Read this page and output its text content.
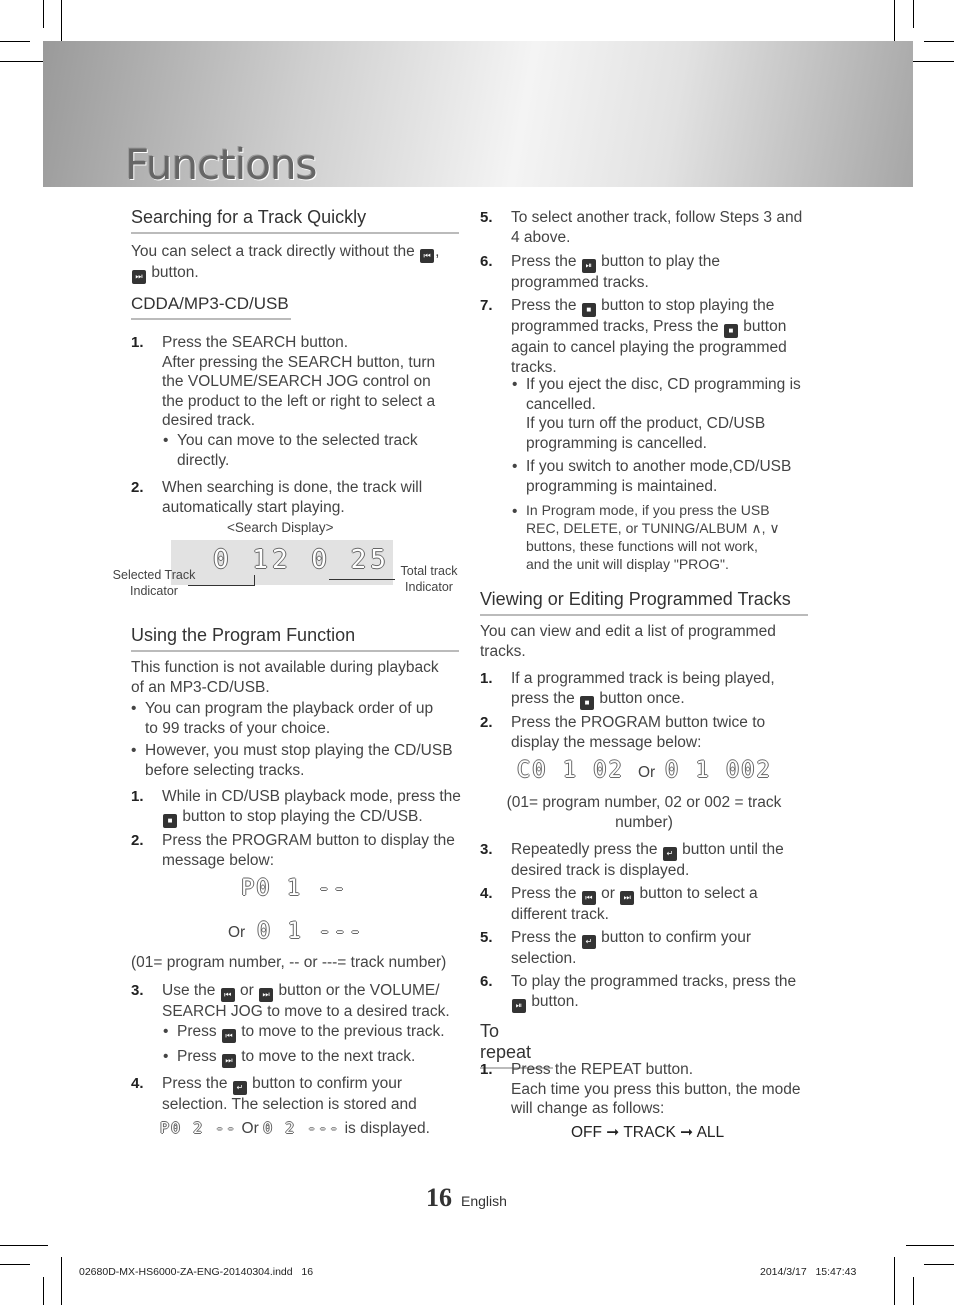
Functions
Searching for a Track Quickly
You can select a track directly without the ⏮ ,
⏭ button.
CDDA/MP3-CD/USB
1. Press the SEARCH button.
After pressing the SEARCH button, turn
the VOLUME/SEARCH JOG control on
the product to the left or right to select a
desired track.
• You can move to the selected track
directly.
2. When searching is done, the track will
automatically start playing.
<Search Display>
0 12 0 25
Selected Track
Indicator
Total track
Indicator
Using the Program Function
This function is not available during playback
of an MP3-CD/USB.
• You can program the playback order of up
to 99 tracks of your choice.
• However, you must stop playing the CD/USB
before selecting tracks.
1. While in CD/USB playback mode, press the
■ button to stop playing the CD/USB.
2. Press the PROGRAM button to display the
message below:
P0 1 --
Or 0 1 ---
(01= program number, -- or ---= track number)
3. Use the ⏮ or ⏭ button or the VOLUME/
SEARCH JOG to move to a desired track.
• Press ⏮ to move to the previous track.
• Press ⏭ to move to the next track.
4. Press the ↵ button to confirm your
selection. The selection is stored and
P0 2 -- Or 0 2 --- is displayed.
5. To select another track, follow Steps 3 and
4 above.
6. Press the ⏯ button to play the
programmed tracks.
7. Press the ■ button to stop playing the
programmed tracks, Press the ■ button
again to cancel playing the programmed
tracks.
• If you eject the disc, CD programming is
cancelled.
If you turn off the product, CD/USB
programming is cancelled.
• If you switch to another mode,CD/USB
programming is maintained.
• In Program mode, if you press the USB
REC, DELETE, or TUNING/ALBUM ∧, ∨
buttons, these functions will not work,
and the unit will display "PROG".
Viewing or Editing Programmed Tracks
You can view and edit a list of programmed
tracks.
1. If a programmed track is being played,
press the ■ button once.
2. Press the PROGRAM button twice to
display the message below:
C0 1 02 Or 0 1 002
(01= program number, 02 or 002 = track
number)
3. Repeatedly press the ↵ button until the
desired track is displayed.
4. Press the ⏮ or ⏭ button to select a
different track.
5. Press the ↵ button to confirm your
selection.
6. To play the programmed tracks, press the
⏯ button.
To repeat
1. Press the REPEAT button.
Each time you press this button, the mode
will change as follows:
OFF ➞ TRACK ➞ ALL
16 English
02680D-MX-HS6000-ZA-ENG-20140304.indd   16	2014/3/17   15:47:43
